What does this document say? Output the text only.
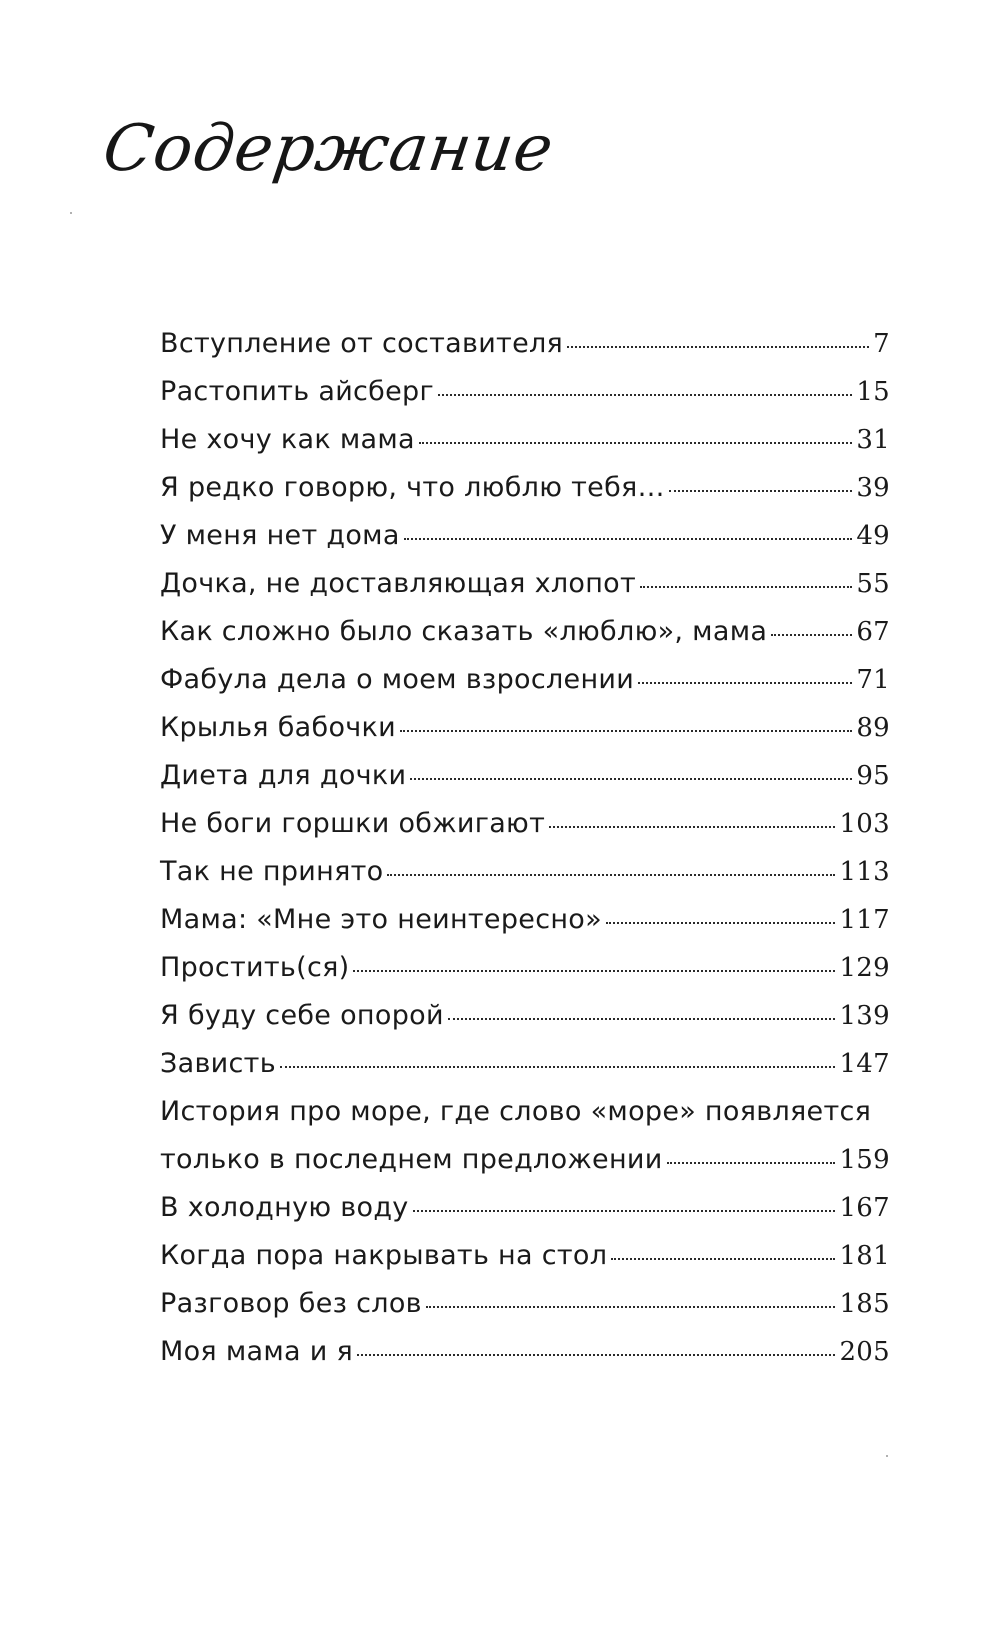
Содержание
Вступление от составителя	7
Растопить айсберг	15
Не хочу как мама	31
Я редко говорю, что люблю тебя…	39
У меня нет дома	49
Дочка, не доставляющая хлопот	55
Как сложно было сказать «люблю», мама	67
Фабула дела о моем взрослении	71
Крылья бабочки	89
Диета для дочки	95
Не боги горшки обжигают	103
Так не принято	113
Мама: «Мне это неинтересно»	117
Простить(ся)	129
Я буду себе опорой	139
Зависть	147
История про море, где слово «море» появляется
только в последнем предложении	159
В холодную воду	167
Когда пора накрывать на стол	181
Разговор без слов	185
Моя мама и я	205
